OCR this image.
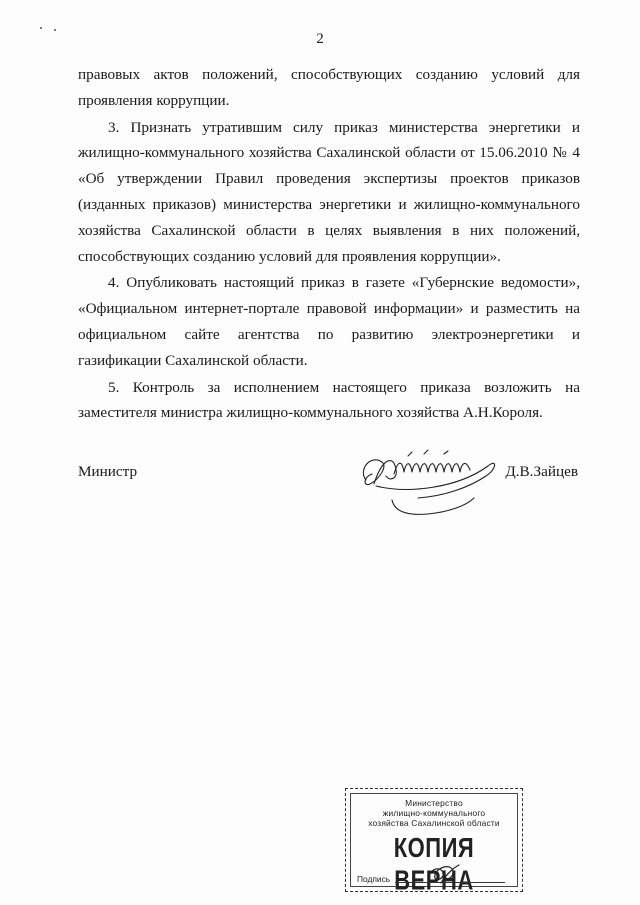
2

правовых актов положений, способствующих созданию условий для проявления коррупции.

3. Признать утратившим силу приказ министерства энергетики и жилищно-коммунального хозяйства Сахалинской области от 15.06.2010 № 4 «Об утверждении Правил проведения экспертизы проектов приказов (изданных приказов) министерства энергетики и жилищно-коммунального хозяйства Сахалинской области в целях выявления в них положений, способствующих созданию условий для проявления коррупции».

4. Опубликовать настоящий приказ в газете «Губернские ведомости», «Официальном интернет-портале правовой информации» и разместить на официальном сайте агентства по развитию электроэнергетики и газификации Сахалинской области.

5. Контроль за исполнением настоящего приказа возложить на заместителя министра жилищно-коммунального хозяйства А.Н.Короля.

Министр	Д.В.Зайцев
Министерство
жилищно-коммунального
хозяйства Сахалинской области
КОПИЯ ВЕРНА
Подпись
